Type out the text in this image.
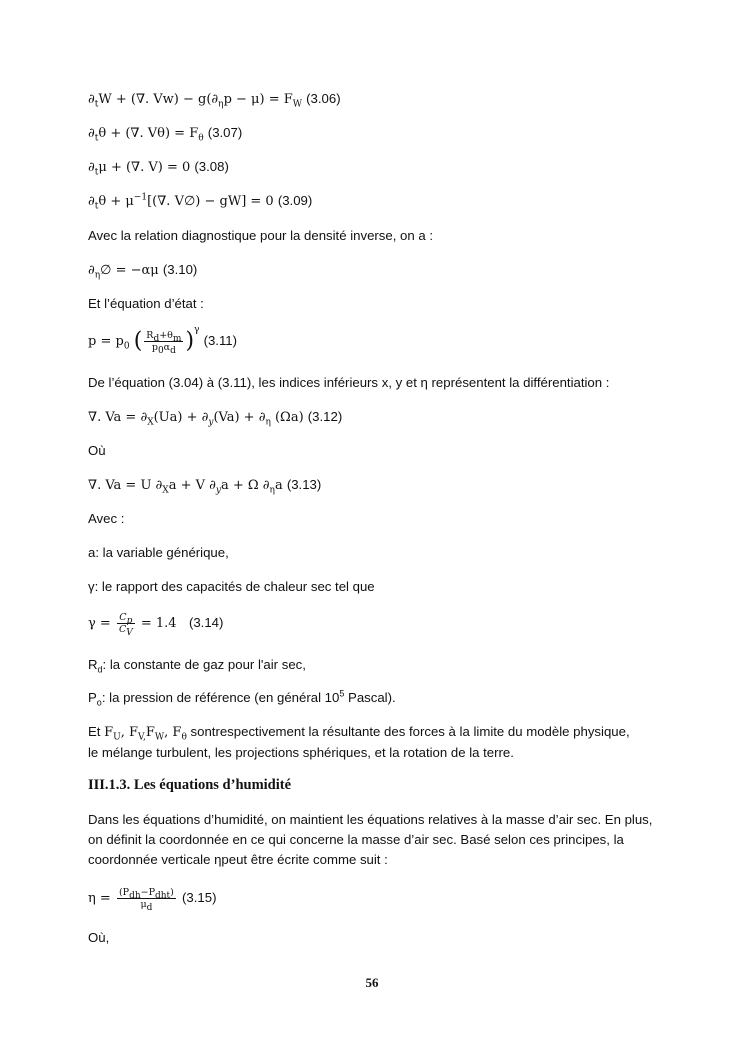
$\partial_tW$ + (∇. $Vw) - g(\partial_\eta p - \mu) = F_W$ (3.06)
$\partial_t\theta$ + (∇. $V\theta) = F_\theta$ (3.07)
$\partial_t\mu$ + (∇. V) = 0 (3.08)
$\partial_t\theta + \mu^{-1}[(\nabla$. V∅) − gW] = 0 (3.09)
Avec la relation diagnostique pour la densité inverse, on a :
$\partial_\eta\emptyset = -\alpha\mu$ (3.10)
Et l’équation d’état :
$p = p_0$ ( $\frac{R_d+\theta_m}{p_0\alpha_d} )^\gamma$ (3.11)
De l’équation (3.04) à (3.11), les indices inférieurs x, y et η représentent la différentiation :
∇. $Va = \partial_X(Ua) + \partial_y(Va) + \partial_\eta$ (Ωa) (3.12)
Où
∇. Va = U $\partial_Xa + V$ $\partial_ya + \Omega$ $\partial_\eta a$ (3.13)
Avec :
a: la variable générique,
γ: le rapport des capacités de chaleur sec tel que
$\gamma = \frac{C_p}{C_V} = 1.4$   (3.14)
$R_d$: la constante de gaz pour l'air sec,
$P_o$: la pression de référence (en général $10^5$ Pascal).
Et $F_U$, $F_{V,}F_W$, $F_\theta$ sontrespectivement la résultante des forces à la limite du modèle physique,
le mélange turbulent, les projections sphériques, et la rotation de la terre.
III.1.3. Les équations d’humidité
Dans les équations d’humidité, on maintient les équations relatives à la masse d’air sec. En plus, on définit la coordonnée en ce qui concerne la masse d’air sec. Basé selon ces principes, la coordonnée verticale ηpeut être écrite comme suit :
$\eta = \frac{(P_{dh}-P_{dht})}{\mu_d} (3.15)$
Où,
56
